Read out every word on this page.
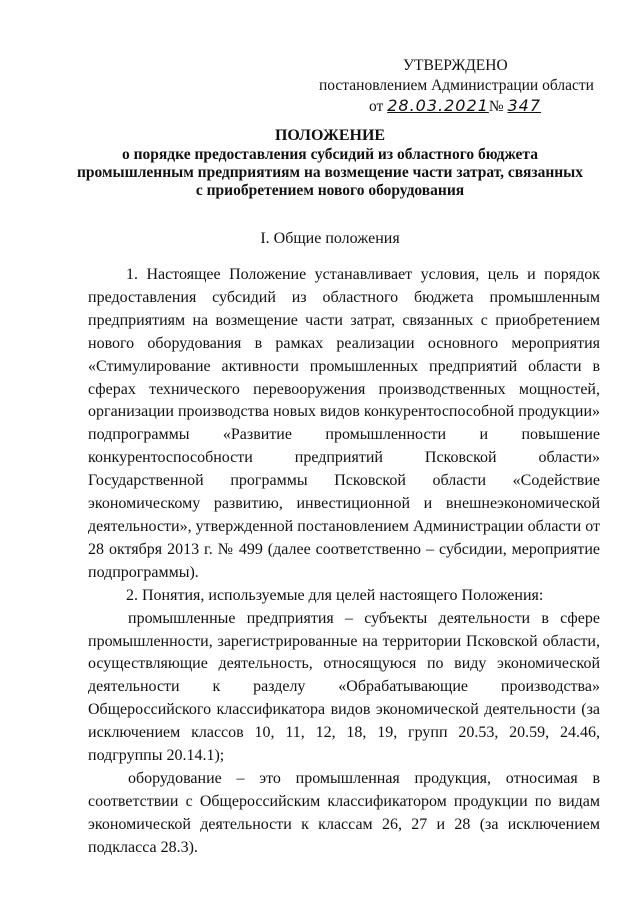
УТВЕРЖДЕНО
постановлением Администрации области
от 28.03.2021№ 347
ПОЛОЖЕНИЕ
о порядке предоставления субсидий из областного бюджета
промышленным предприятиям на возмещение части затрат, связанных
с приобретением нового оборудования
I. Общие положения

1. Настоящее Положение устанавливает условия, цель и порядок предоставления субсидий из областного бюджета промышленным предприятиям на возмещение части затрат, связанных с приобретением нового оборудования в рамках реализации основного мероприятия «Стимулирование активности промышленных предприятий области в сферах технического перевооружения производственных мощностей, организации производства новых видов конкурентоспособной продукции» подпрограммы «Развитие промышленности и повышение конкурентоспособности предприятий Псковской области» Государственной программы Псковской области «Содействие экономическому развитию, инвестиционной и внешнеэкономической деятельности», утвержденной постановлением Администрации области от 28 октября 2013 г. № 499 (далее соответственно – субсидии, мероприятие подпрограммы).

2. Понятия, используемые для целей настоящего Положения:

промышленные предприятия – субъекты деятельности в сфере промышленности, зарегистрированные на территории Псковской области, осуществляющие деятельность, относящуюся по виду экономической деятельности к разделу «Обрабатывающие производства» Общероссийского классификатора видов экономической деятельности (за исключением классов 10, 11, 12, 18, 19, групп 20.53, 20.59, 24.46, подгруппы 20.14.1);

оборудование – это промышленная продукция, относимая в соответствии с Общероссийским классификатором продукции по видам экономической деятельности к классам 26, 27 и 28 (за исключением подкласса 28.3).
